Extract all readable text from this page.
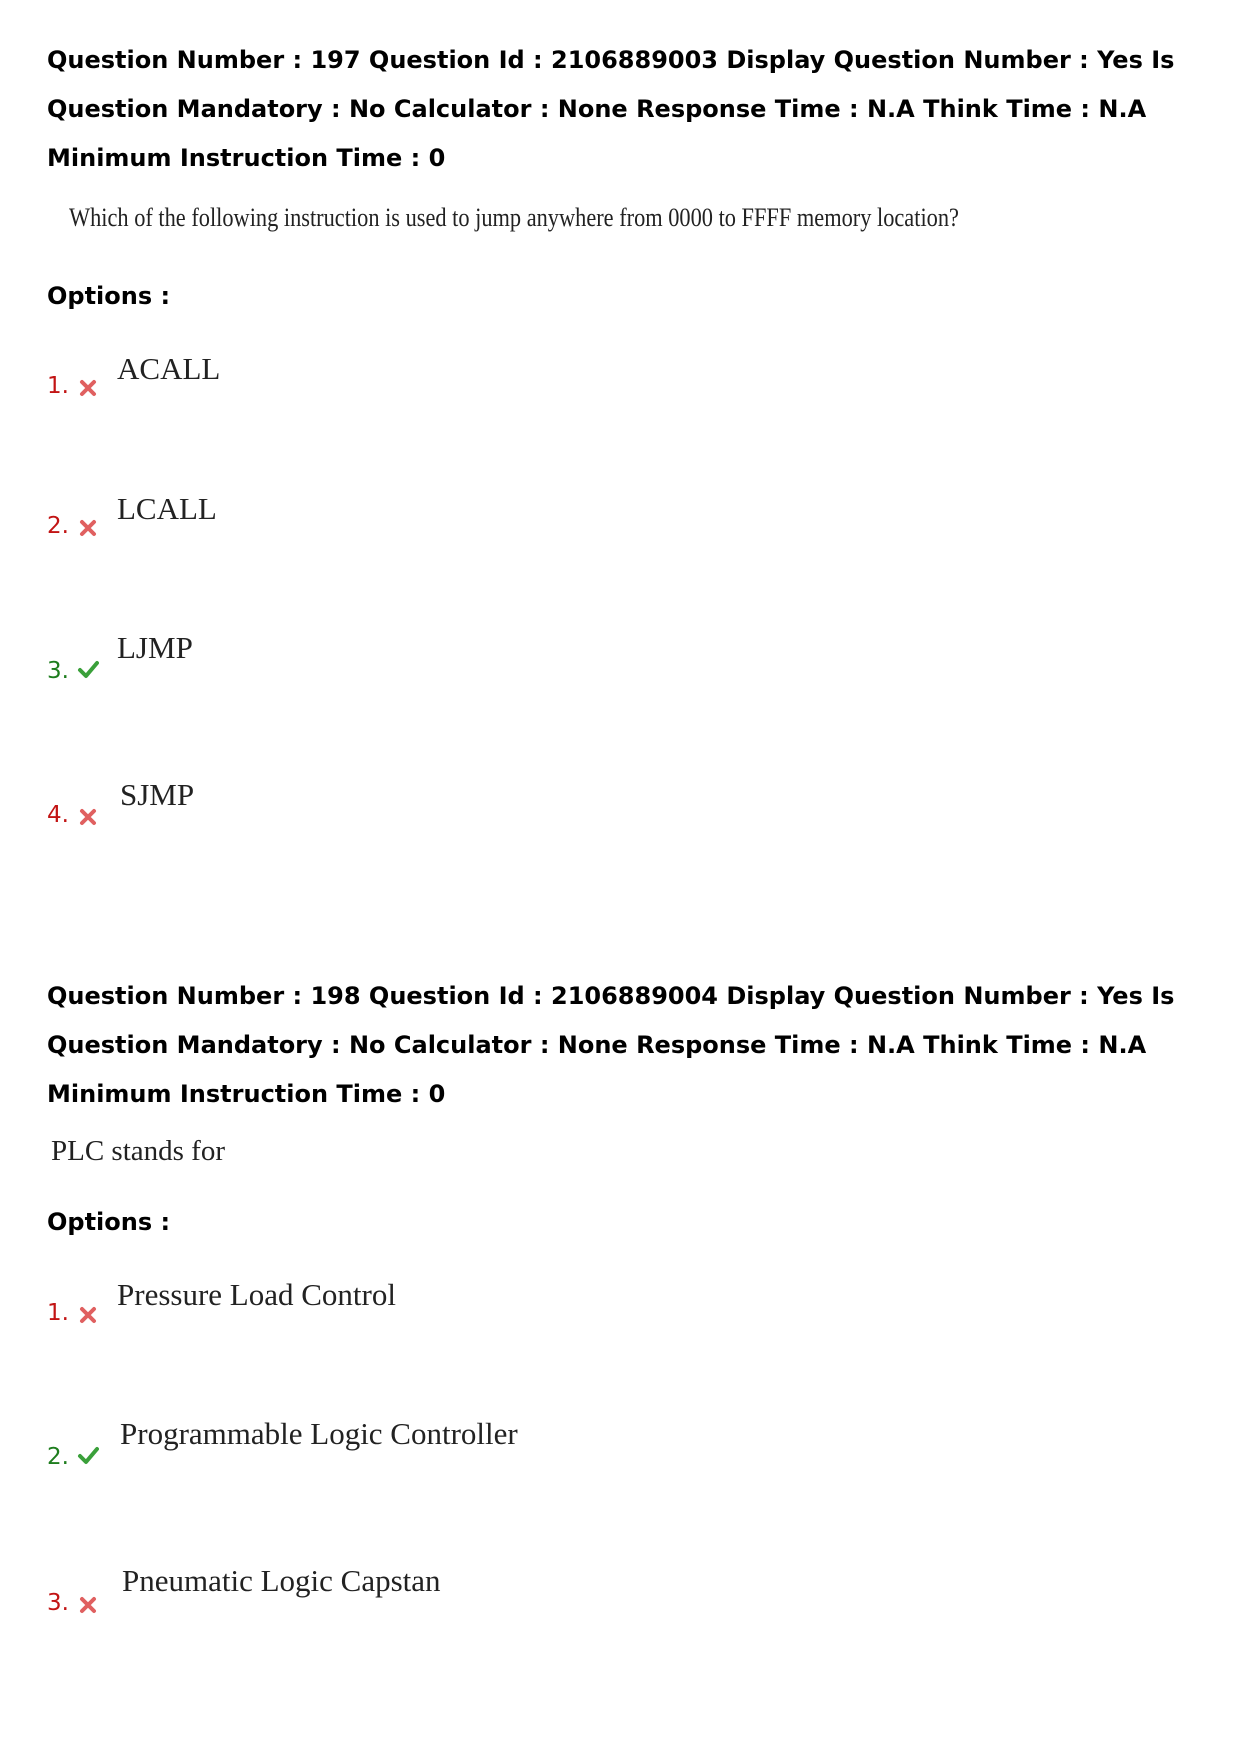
Question Number : 197 Question Id : 2106889003 Display Question Number : Yes Is Question Mandatory : No Calculator : None Response Time : N.A Think Time : N.A Minimum Instruction Time : 0

Which of the following instruction is used to jump anywhere from 0000 to FFFF memory location?
Options :
1. ACALL
2. LCALL
3.
LJMP
4.
SJMP

Question Number : 198 Question Id : 2106889004 Display Question Number : Yes Is Question Mandatory : No Calculator : None Response Time : N.A Think Time : N.A Minimum Instruction Time : 0

PLC stands for
Options :
1.
Pressure Load Control
2.
Programmable Logic Controller
3.
Pneumatic Logic Capstan
